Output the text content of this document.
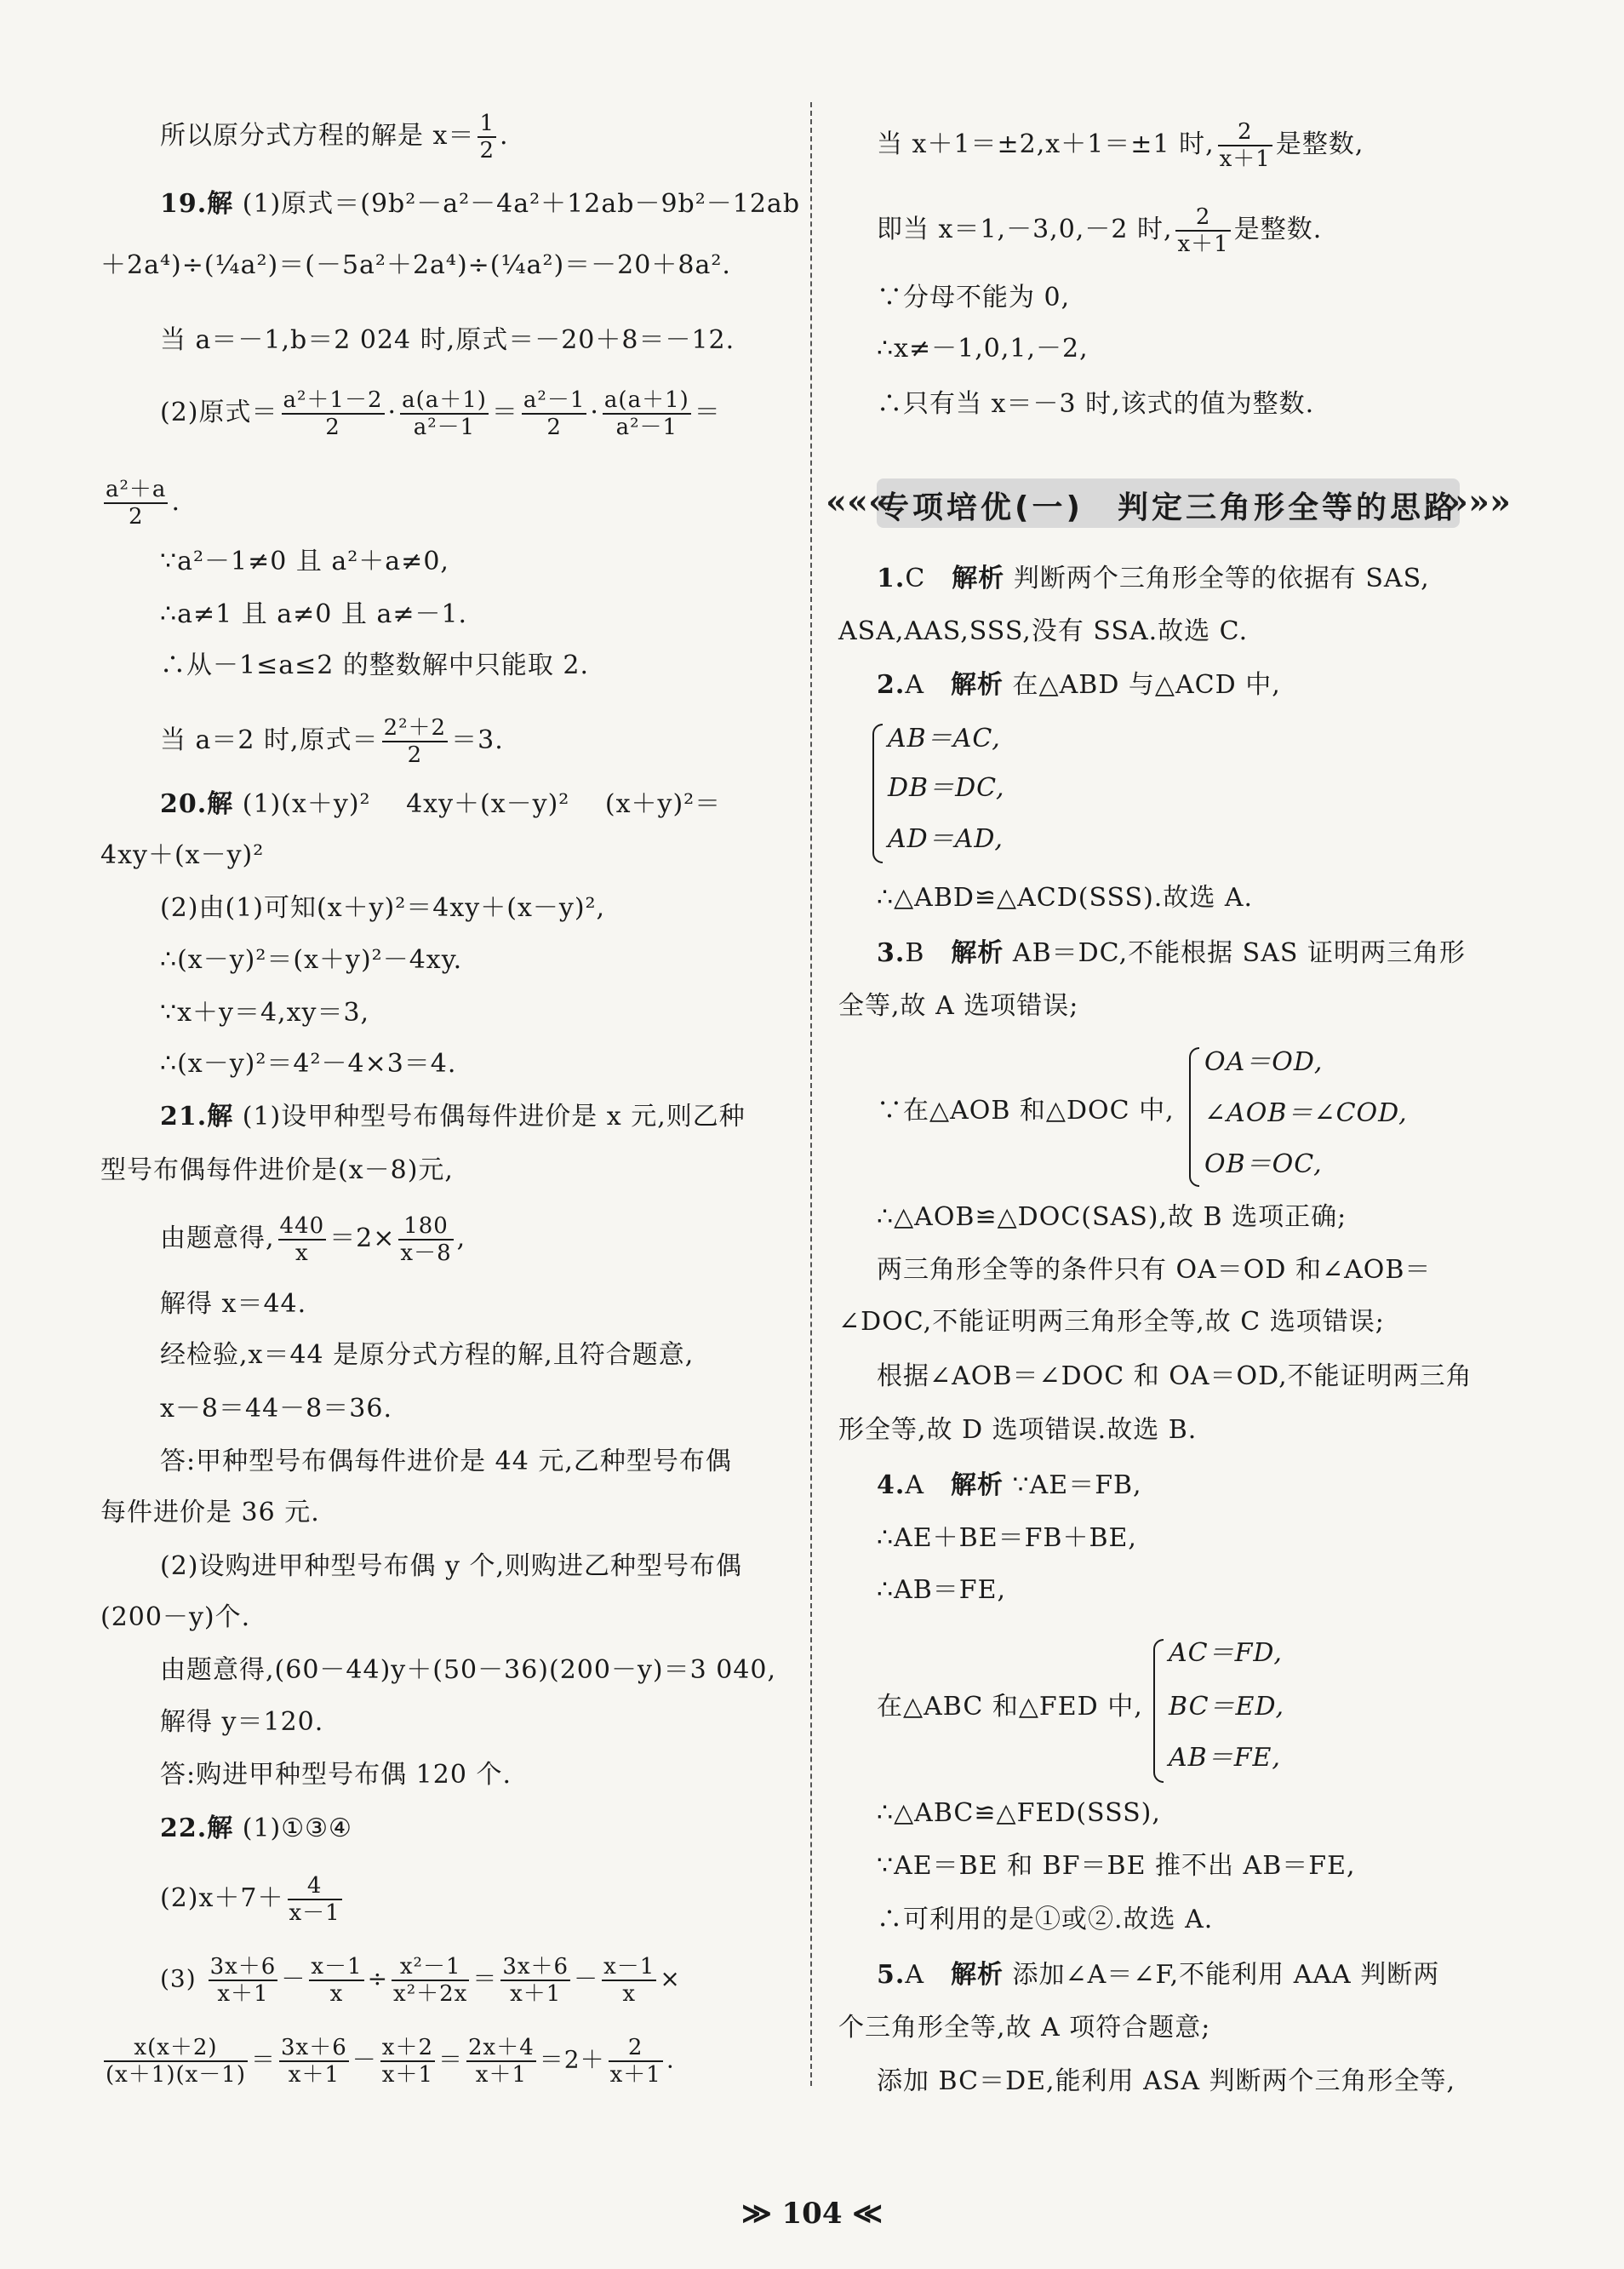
所以原分式方程的解是 $x= \frac{1}{2}$ .
19.解 (1)原式＝(9b²－a²－4a²＋12ab－9b²－12ab
＋2a⁴)÷(¼a²)＝(－5a²＋2a⁴)÷(¼a²)＝－20＋8a².
当 a＝－1,b＝2 024 时,原式＝－20＋8＝－12.
(2)原式＝ $\frac{\text{a²＋1－2}}{2} \cdot \frac{a(a+1)}{\text{a²－1}} = \frac{\text{a²－1}}{2} \cdot \frac{a(a+1)}{\text{a²－1}}$ ＝
$\frac{\text{a²＋a}}{2}$ .
∵a²－1≠0 且 a²＋a≠0,
∴a≠1 且 a≠0 且 a≠－1.
∴从－1≤a≤2 的整数解中只能取 2.
当 a＝2 时,原式＝ $\frac{\text{2²＋2}}{2} =3$.
20.解 (1)(x＋y)²　 4xy＋(x－y)²　 (x＋y)²＝
4xy＋(x－y)²
(2)由(1)可知(x＋y)²＝4xy＋(x－y)²,
∴(x－y)²＝(x＋y)²－4xy.
∵x＋y＝4,xy＝3,
∴(x－y)²＝4²－4×3＝4.
21.解 (1)设甲种型号布偶每件进价是 x 元,则乙种
型号布偶每件进价是(x－8)元,
由题意得, $\frac{440}{x} =2\times \frac{180}{x-8}$ ,
解得 x＝44.
经检验,x＝44 是原分式方程的解,且符合题意,
x－8＝44－8＝36.
答:甲种型号布偶每件进价是 44 元,乙种型号布偶
每件进价是 36 元.
(2)设购进甲种型号布偶 y 个,则购进乙种型号布偶
(200－y)个.
由题意得,(60－44)y＋(50－36)(200－y)＝3 040,
解得 y＝120.
答:购进甲种型号布偶 120 个.
22.解 (1)①③④
$(2)x+7+ \frac{4}{x-1}$
$(3) \frac{3x+6}{x+1} - \frac{x-1}{x} \div \frac{\text{x²－1}}{\text{x²＋2x}} = \frac{3x+6}{x+1} - \frac{x-1}{x}$ ×
$\frac{x(x+2)}{(x+1)(x-1)} = \frac{3x+6}{x+1} - \frac{x+2}{x+1} = \frac{2x+4}{x+1} =2+ \frac{2}{x+1}$ .
当 x＋1＝±2,x＋1＝±1 时, $\frac{2}{x+1}$ 是整数,
即当 x＝1,－3,0,－2 时, $\frac{2}{x+1}$ 是整数.
∵分母不能为 0,
∴x≠－1,0,1,－2,
∴只有当 x＝－3 时,该式的值为整数.
«««
专项培优(一)　判定三角形全等的思路
»»»
1.C　 解析 判断两个三角形全等的依据有 SAS,
ASA,AAS,SSS,没有 SSA.故选 C.
2.A　 解析 在△ABD 与△ACD 中,
AB＝AC,
DB＝DC,
AD＝AD,
∴△ABD≌△ACD(SSS).故选 A.
3.B　 解析 AB＝DC,不能根据 SAS 证明两三角形
全等,故 A 选项错误;
∵在△AOB 和△DOC 中,
OA＝OD,
∠AOB＝∠COD,
OB＝OC,
∴△AOB≌△DOC(SAS),故 B 选项正确;
两三角形全等的条件只有 OA＝OD 和∠AOB＝
∠DOC,不能证明两三角形全等,故 C 选项错误;
根据∠AOB＝∠DOC 和 OA＝OD,不能证明两三角
形全等,故 D 选项错误.故选 B.
4.A　 解析 ∵AE＝FB,
∴AE＋BE＝FB＋BE,
∴AB＝FE,
在△ABC 和△FED 中,
AC＝FD,
BC＝ED,
AB＝FE,
∴△ABC≌△FED(SSS),
∵AE＝BE 和 BF＝BE 推不出 AB＝FE,
∴可利用的是①或②.故选 A.
5.A　 解析 添加∠A＝∠F,不能利用 AAA 判断两
个三角形全等,故 A 项符合题意;
添加 BC＝DE,能利用 ASA 判断两个三角形全等,
≫ 104 ≪
